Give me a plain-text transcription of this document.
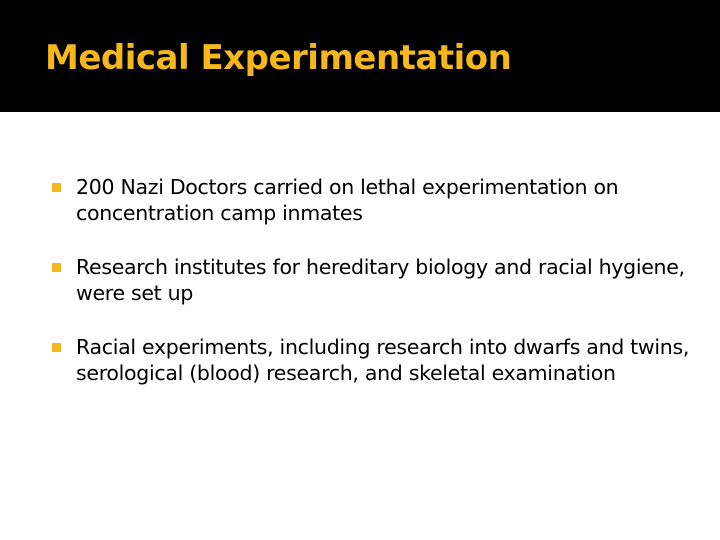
Medical Experimentation
200 Nazi Doctors carried on lethal experimentation on concentration camp inmates
Research institutes for hereditary biology and racial hygiene, were set up
Racial experiments, including research into dwarfs and twins, serological (blood) research, and skeletal examination
